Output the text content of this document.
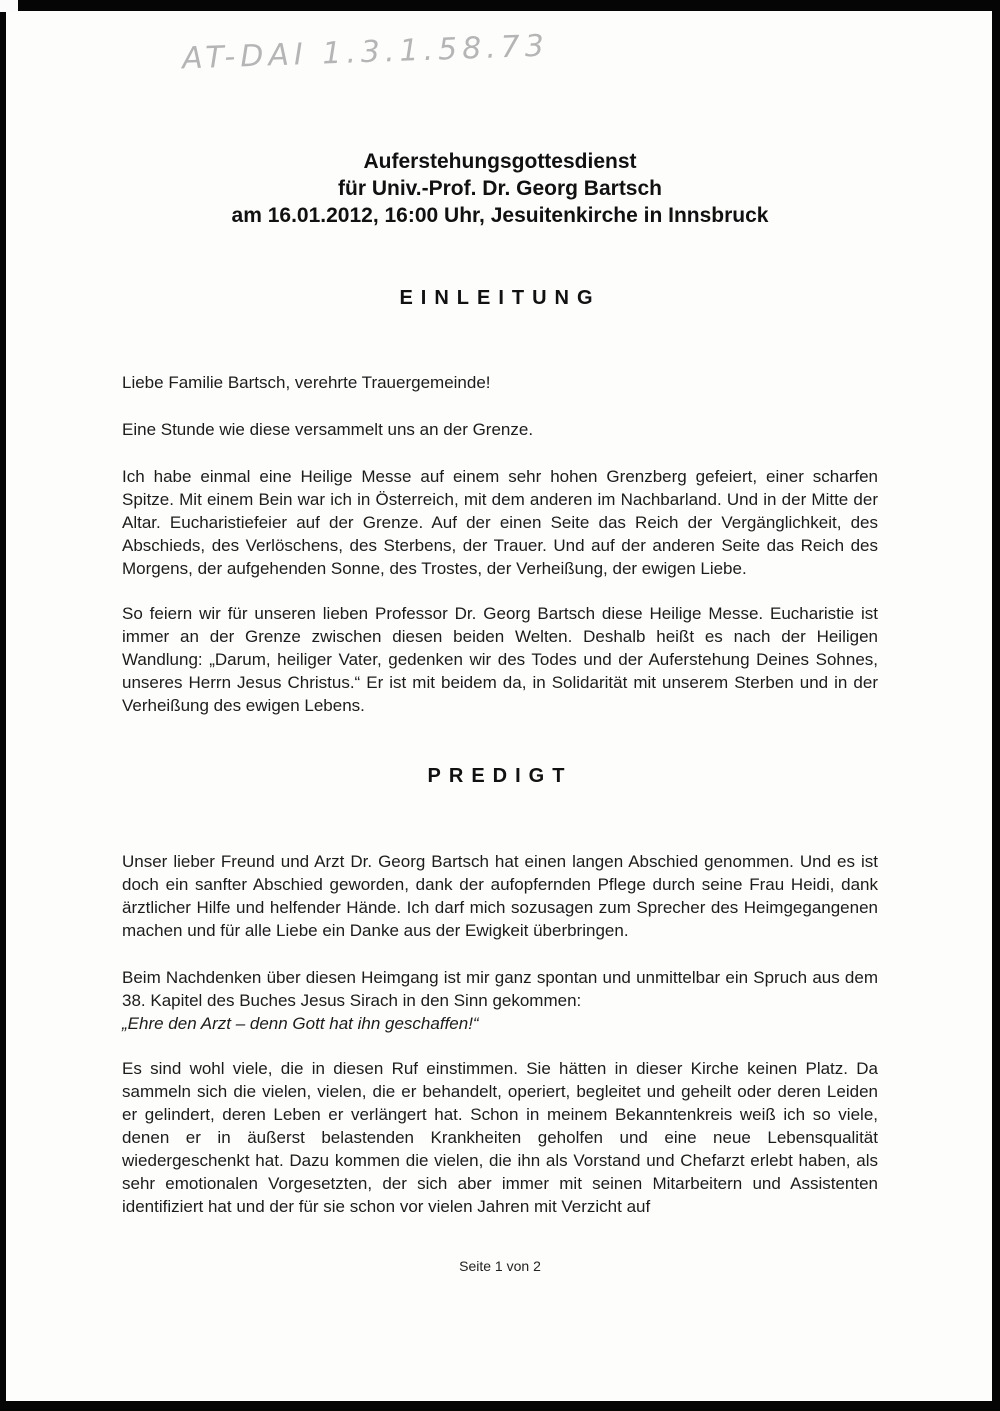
AT-DAI 1.3.1.58.73
Auferstehungsgottesdienst
für Univ.-Prof. Dr. Georg Bartsch
am 16.01.2012, 16:00 Uhr, Jesuitenkirche in Innsbruck
EINLEITUNG

Liebe Familie Bartsch, verehrte Trauergemeinde!

Eine Stunde wie diese versammelt uns an der Grenze.

Ich habe einmal eine Heilige Messe auf einem sehr hohen Grenzberg gefeiert, einer scharfen Spitze. Mit einem Bein war ich in Österreich, mit dem anderen im Nachbarland. Und in der Mitte der Altar. Eucharistiefeier auf der Grenze. Auf der einen Seite das Reich der Vergänglichkeit, des Abschieds, des Verlöschens, des Sterbens, der Trauer. Und auf der anderen Seite das Reich des Morgens, der aufgehenden Sonne, des Trostes, der Verheißung, der ewigen Liebe.

So feiern wir für unseren lieben Professor Dr. Georg Bartsch diese Heilige Messe. Eucharistie ist immer an der Grenze zwischen diesen beiden Welten. Deshalb heißt es nach der Heiligen Wandlung: „Darum, heiliger Vater, gedenken wir des Todes und der Auferstehung Deines Sohnes, unseres Herrn Jesus Christus.“ Er ist mit beidem da, in Solidarität mit unserem Sterben und in der Verheißung des ewigen Lebens.

PREDIGT

Unser lieber Freund und Arzt Dr. Georg Bartsch hat einen langen Abschied genommen. Und es ist doch ein sanfter Abschied geworden, dank der aufopfernden Pflege durch seine Frau Heidi, dank ärztlicher Hilfe und helfender Hände. Ich darf mich sozusagen zum Sprecher des Heimgegangenen machen und für alle Liebe ein Danke aus der Ewigkeit überbringen.

Beim Nachdenken über diesen Heimgang ist mir ganz spontan und unmittelbar ein Spruch aus dem 38. Kapitel des Buches Jesus Sirach in den Sinn gekommen:
„Ehre den Arzt – denn Gott hat ihn geschaffen!“

Es sind wohl viele, die in diesen Ruf einstimmen. Sie hätten in dieser Kirche keinen Platz. Da sammeln sich die vielen, vielen, die er behandelt, operiert, begleitet und geheilt oder deren Leiden er gelindert, deren Leben er verlängert hat. Schon in meinem Bekanntenkreis weiß ich so viele, denen er in äußerst belastenden Krankheiten geholfen und eine neue Lebensqualität wiedergeschenkt hat. Dazu kommen die vielen, die ihn als Vorstand und Chefarzt erlebt haben, als sehr emotionalen Vorgesetzten, der sich aber immer mit seinen Mitarbeitern und Assistenten identifiziert hat und der für sie schon vor vielen Jahren mit Verzicht auf

Seite 1 von 2
